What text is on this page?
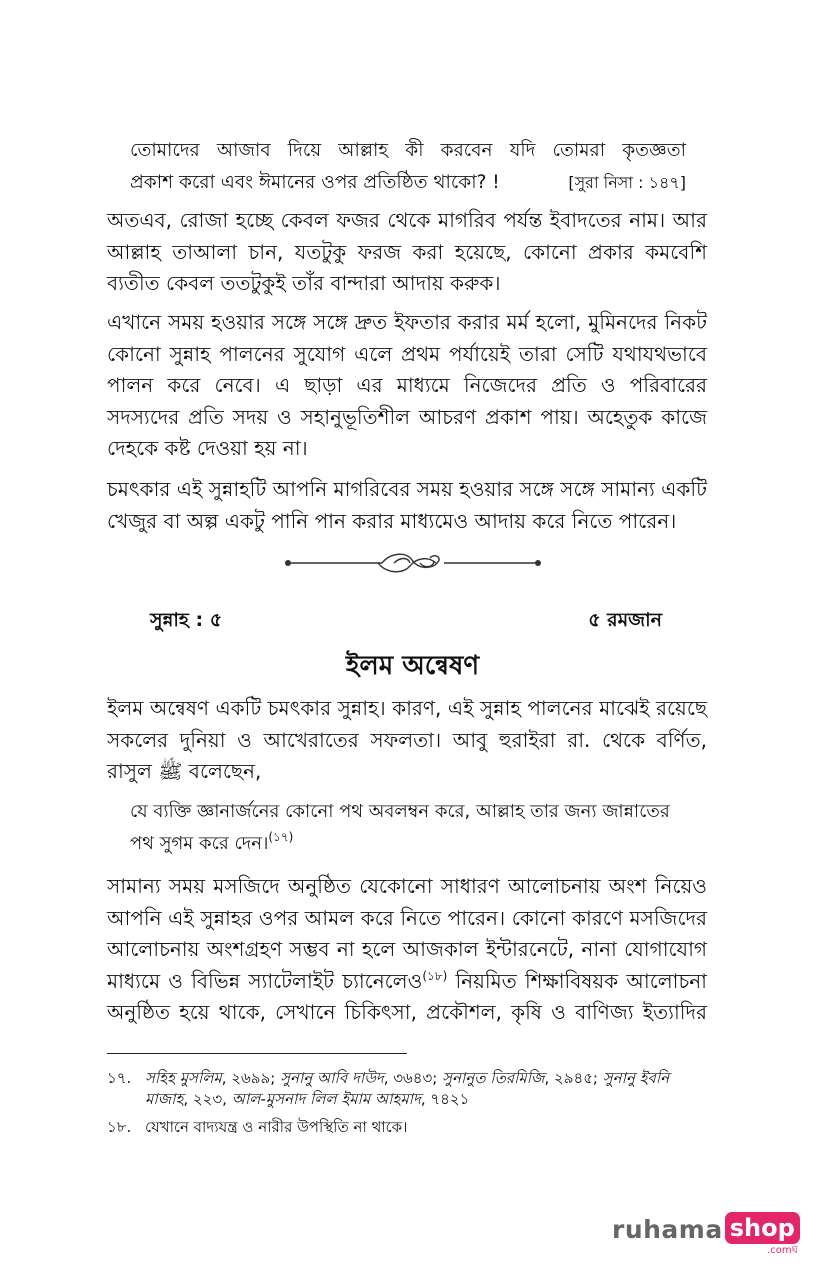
তোমাদের আজাব দিয়ে আল্লাহ কী করবেন যদি তোমরা কৃতজ্ঞতা

প্রকাশ করো এবং ঈমানের ওপর প্রতিষ্ঠিত থাকো? !	[সুরা নিসা : ১৪৭]

অতএব, রোজা হচ্ছে কেবল ফজর থেকে মাগরিব পর্যন্ত ইবাদতের নাম। আর আল্লাহ তাআলা চান, যতটুকু ফরজ করা হয়েছে, কোনো প্রকার কমবেশি ব্যতীত কেবল ততটুকুই তাঁর বান্দারা আদায় করুক।

এখানে সময় হওয়ার সঙ্গে সঙ্গে দ্রুত ইফতার করার মর্ম হলো, মুমিনদের নিকট কোনো সুন্নাহ পালনের সুযোগ এলে প্রথম পর্যায়েই তারা সেটি যথাযথভাবে পালন করে নেবে। এ ছাড়া এর মাধ্যমে নিজেদের প্রতি ও পরিবারের সদস্যদের প্রতি সদয় ও সহানুভূতিশীল আচরণ প্রকাশ পায়। অহেতুক কাজে দেহকে কষ্ট দেওয়া হয় না।

চমৎকার এই সুন্নাহটি আপনি মাগরিবের সময় হওয়ার সঙ্গে সঙ্গে সামান্য একটি খেজুর বা অল্প একটু পানি পান করার মাধ্যমেও আদায় করে নিতে পারেন।

সুন্নাহ : ৫	৫ রমজান
ইলম অন্বেষণ

ইলম অন্বেষণ একটি চমৎকার সুন্নাহ। কারণ, এই সুন্নাহ পালনের মাঝেই রয়েছে সকলের দুনিয়া ও আখেরাতের সফলতা। আবু হুরাইরা রা. থেকে বর্ণিত, রাসুল ﷺ বলেছেন,

যে ব্যক্তি জ্ঞানার্জনের কোনো পথ অবলম্বন করে, আল্লাহ তার জন্য জান্নাতের পথ সুগম করে দেন।$^{(১৭)}$

সামান্য সময় মসজিদে অনুষ্ঠিত যেকোনো সাধারণ আলোচনায় অংশ নিয়েও আপনি এই সুন্নাহর ওপর আমল করে নিতে পারেন। কোনো কারণে মসজিদের আলোচনায় অংশগ্রহণ সম্ভব না হলে আজকাল ইন্টারনেটে, নানা যোগাযোগ মাধ্যমে ও বিভিন্ন স্যাটেলাইট চ্যানেলেও$^{(১৮)}$ নিয়মিত শিক্ষাবিষয়ক আলোচনা অনুষ্ঠিত হয়ে থাকে, সেখানে চিকিৎসা, প্রকৌশল, কৃষি ও বাণিজ্য ইত্যাদির

১৭. সহিহ মুসলিম, ২৬৯৯; সুনানু আবি দাউদ, ৩৬৪৩; সুনানুত তিরমিজি, ২৯৪৫; সুনানু ইবনি মাজাহ, ২২৩, আল-মুসনাদ লিল ইমাম আহমাদ, ৭৪২১
১৮. যেখানে বাদ্যযন্ত্র ও নারীর উপস্থিতি না থাকে।
ruhama shop
.comঘ
